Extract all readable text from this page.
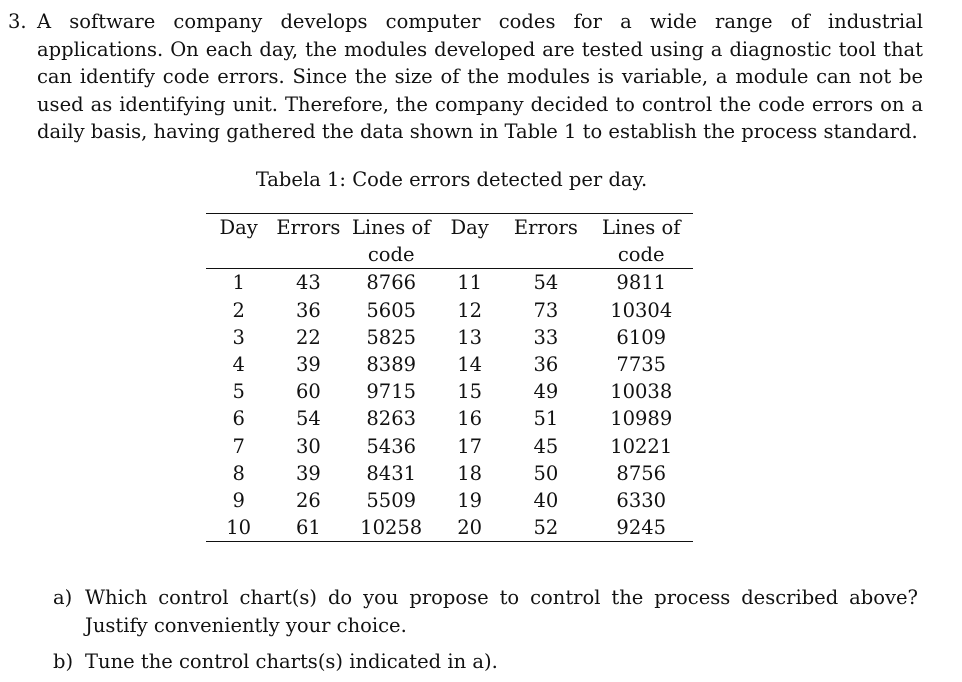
3. A software company develops computer codes for a wide range of industrial applications. On each day, the modules developed are tested using a diagnostic tool that can identify code errors. Since the size of the modules is variable, a module can not be used as identifying unit. Therefore, the company decided to control the code errors on a daily basis, having gathered the data shown in Table 1 to establish the process standard.
Tabela 1: Code errors detected per day.
Day	Errors	Lines of	Day	Errors	Lines of
		code			code
1	43	8766	11	54	9811
2	36	5605	12	73	10304
3	22	5825	13	33	6109
4	39	8389	14	36	7735
5	60	9715	15	49	10038
6	54	8263	16	51	10989
7	30	5436	17	45	10221
8	39	8431	18	50	8756
9	26	5509	19	40	6330
10	61	10258	20	52	9245
a) Which control chart(s) do you propose to control the process described above? Justify conveniently your choice.
b) Tune the control charts(s) indicated in a).
